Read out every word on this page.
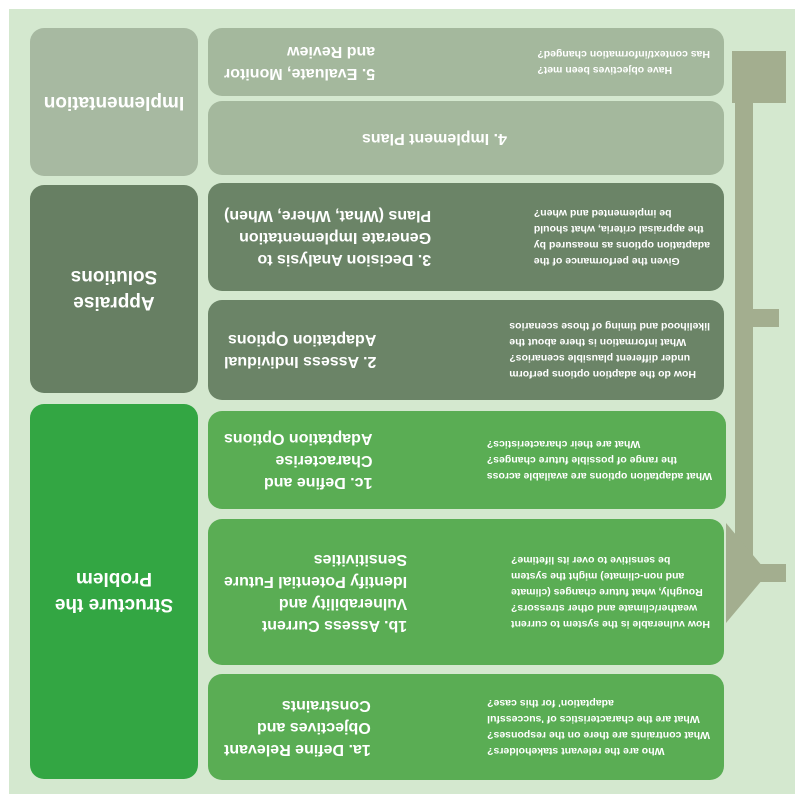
Who are the relevant stakeholders?
What contraints are there on the responses?
What are the characteristics of 'successful
adaptation' for this case?
1a. Define Relevant
Objectives and
Constraints
How vulnerable is the system to current
weather/climate and other stressors?
Roughly, what future changes (climate
and non-climate) might the system
be sensitive to over its lifetime?
1b. Assess Current
Vulnerability and
Identify Potential Future
Sensitivities
What adaptation options are available across
the range of possible future changes?
What are their characteristics?
1c. Define and
Characterise
Adaptation Options
How do the adaption options perform
under different plausible scenarios?
What information is there about the
likelihood and timing of those scenarios
2. Assess Individual
Adaptation Options
Given the performance of the
adaptation options as measured by
the appraisal criteria, what should
be implemented and when?
3. Decision Analysis to
Generate Implementation
Plans (What, Where, When)
4. Implement Plans
Have objectives been met?
Has context/information changed?
5. Evaluate, Monitor
and Review
Structure the
Problem
Appraise
Solutions
Implementation
